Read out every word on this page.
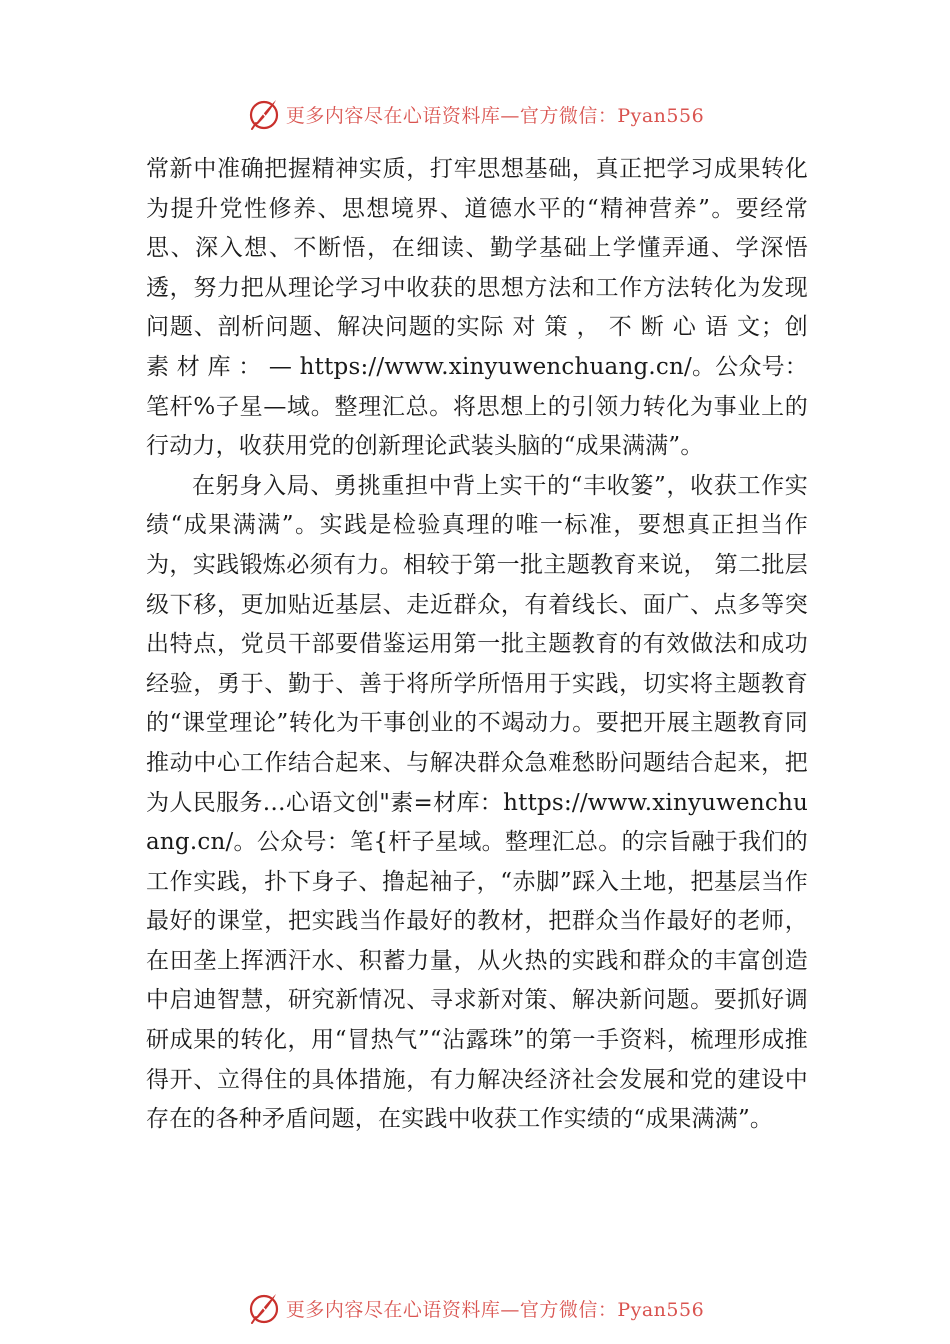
更多内容尽在心语资料库—官方微信：Pyan556

常新中准确把握精神实质，打牢思想基础，真正把学习成果转化为提升党性修养、思想境界、道德水平的“精神营养”。要经常思、深入想、不断悟，在细读、勤学基础上学懂弄通、学深悟透，努力把从理论学习中收获的思想方法和工作方法转化为发现问题、剖析问题、解决问题的实际 对 策 ， 不 断 心 语 文；创 素 材 库 ： — https://www.xinyuwenchuang.cn/。公众号：笔杆%子星—域。整理汇总。将思想上的引领力转化为事业上的行动力，收获用党的创新理论武装头脑的“成果满满”。

在躬身入局、勇挑重担中背上实干的“丰收篓”，收获工作实绩“成果满满”。实践是检验真理的唯一标准，要想真正担当作为，实践锻炼必须有力。相较于第一批主题教育来说， 第二批层级下移，更加贴近基层、走近群众，有着线长、面广、点多等突出特点，党员干部要借鉴运用第一批主题教育的有效做法和成功经验，勇于、勤于、善于将所学所悟用于实践，切实将主题教育的“课堂理论”转化为干事创业的不竭动力。要把开展主题教育同推动中心工作结合起来、与解决群众急难愁盼问题结合起来，把为人民服务…心语文创"素=材库：https://www.xinyuwenchuang.cn/。公众号：笔{杆子星域。整理汇总。的宗旨融于我们的工作实践，扑下身子、撸起袖子，“赤脚”踩入土地，把基层当作最好的课堂，把实践当作最好的教材，把群众当作最好的老师，在田垄上挥洒汗水、积蓄力量，从火热的实践和群众的丰富创造中启迪智慧，研究新情况、寻求新对策、解决新问题。要抓好调研成果的转化，用“冒热气”“沾露珠”的第一手资料，梳理形成推得开、立得住的具体措施，有力解决经济社会发展和党的建设中存在的各种矛盾问题，在实践中收获工作实绩的“成果满满”。

更多内容尽在心语资料库—官方微信：Pyan556
